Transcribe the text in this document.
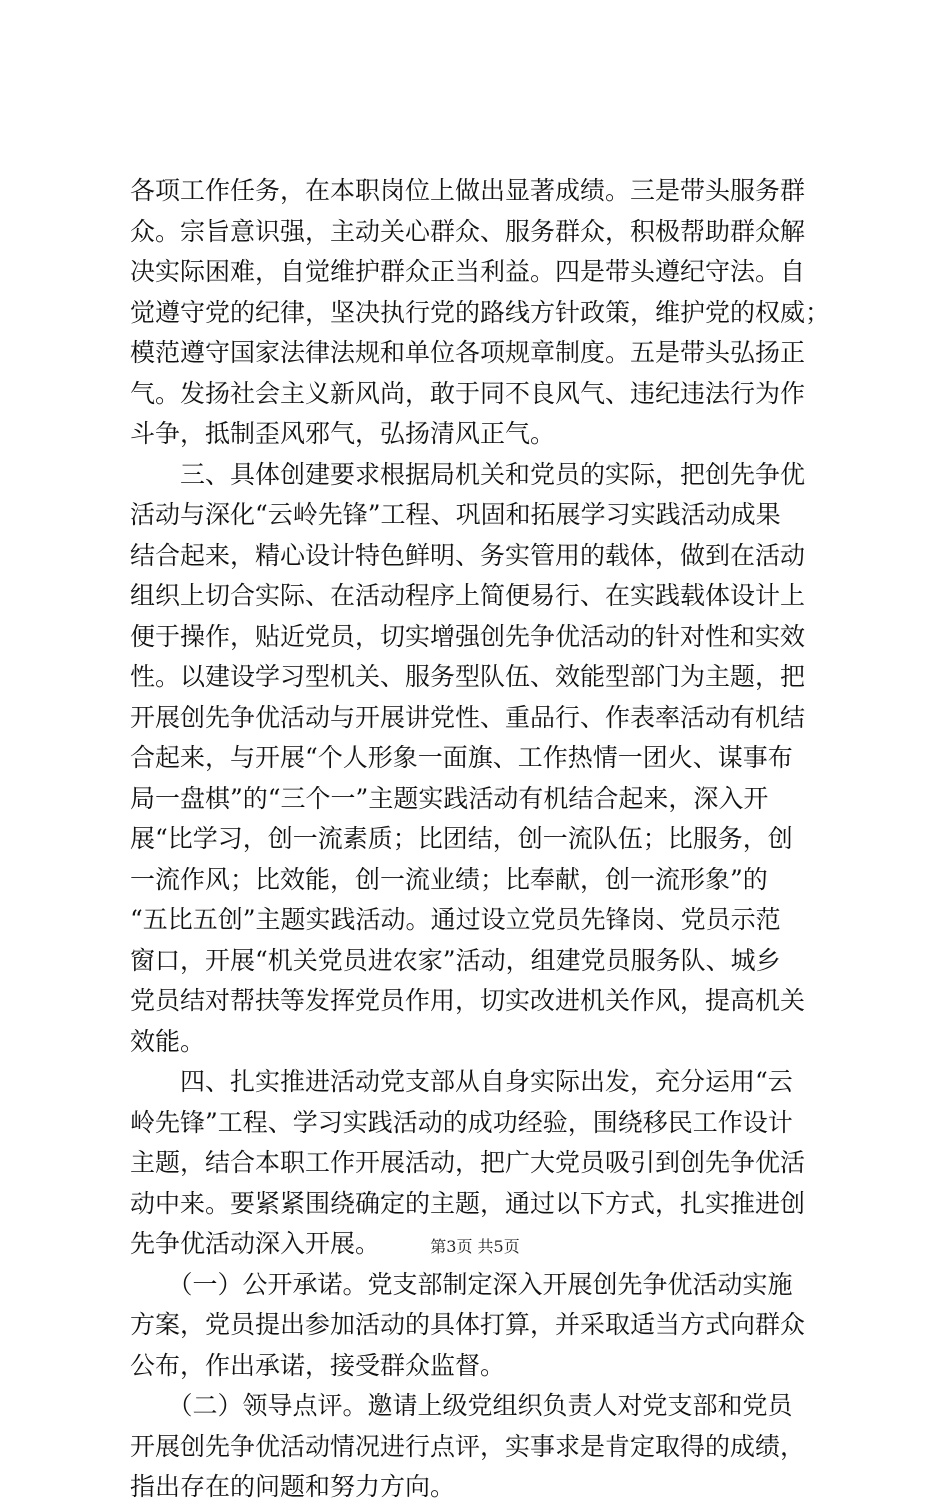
各项工作任务，在本职岗位上做出显著成绩。三是带头服务群
众。宗旨意识强，主动关心群众、服务群众，积极帮助群众解
决实际困难，自觉维护群众正当利益。四是带头遵纪守法。自
觉遵守党的纪律，坚决执行党的路线方针政策，维护党的权威；
模范遵守国家法律法规和单位各项规章制度。五是带头弘扬正
气。发扬社会主义新风尚，敢于同不良风气、违纪违法行为作
斗争，抵制歪风邪气，弘扬清风正气。
　　三、具体创建要求根据局机关和党员的实际，把创先争优
活动与深化“云岭先锋”工程、巩固和拓展学习实践活动成果
结合起来，精心设计特色鲜明、务实管用的载体，做到在活动
组织上切合实际、在活动程序上简便易行、在实践载体设计上
便于操作，贴近党员，切实增强创先争优活动的针对性和实效
性。以建设学习型机关、服务型队伍、效能型部门为主题，把
开展创先争优活动与开展讲党性、重品行、作表率活动有机结
合起来，与开展“个人形象一面旗、工作热情一团火、谋事布
局一盘棋”的“三个一”主题实践活动有机结合起来，深入开
展“比学习，创一流素质；比团结，创一流队伍；比服务，创
一流作风；比效能，创一流业绩；比奉献，创一流形象”的
“五比五创”主题实践活动。通过设立党员先锋岗、党员示范
窗口，开展“机关党员进农家”活动，组建党员服务队、城乡
党员结对帮扶等发挥党员作用，切实改进机关作风，提高机关
效能。
　　四、扎实推进活动党支部从自身实际出发，充分运用“云
岭先锋”工程、学习实践活动的成功经验，围绕移民工作设计
主题，结合本职工作开展活动，把广大党员吸引到创先争优活
动中来。要紧紧围绕确定的主题，通过以下方式，扎实推进创
先争优活动深入开展。
　　（一）公开承诺。党支部制定深入开展创先争优活动实施
方案，党员提出参加活动的具体打算，并采取适当方式向群众
公布，作出承诺，接受群众监督。
　　（二）领导点评。邀请上级党组织负责人对党支部和党员
开展创先争优活动情况进行点评，实事求是肯定取得的成绩，
指出存在的问题和努力方向。
第3页 共5页
